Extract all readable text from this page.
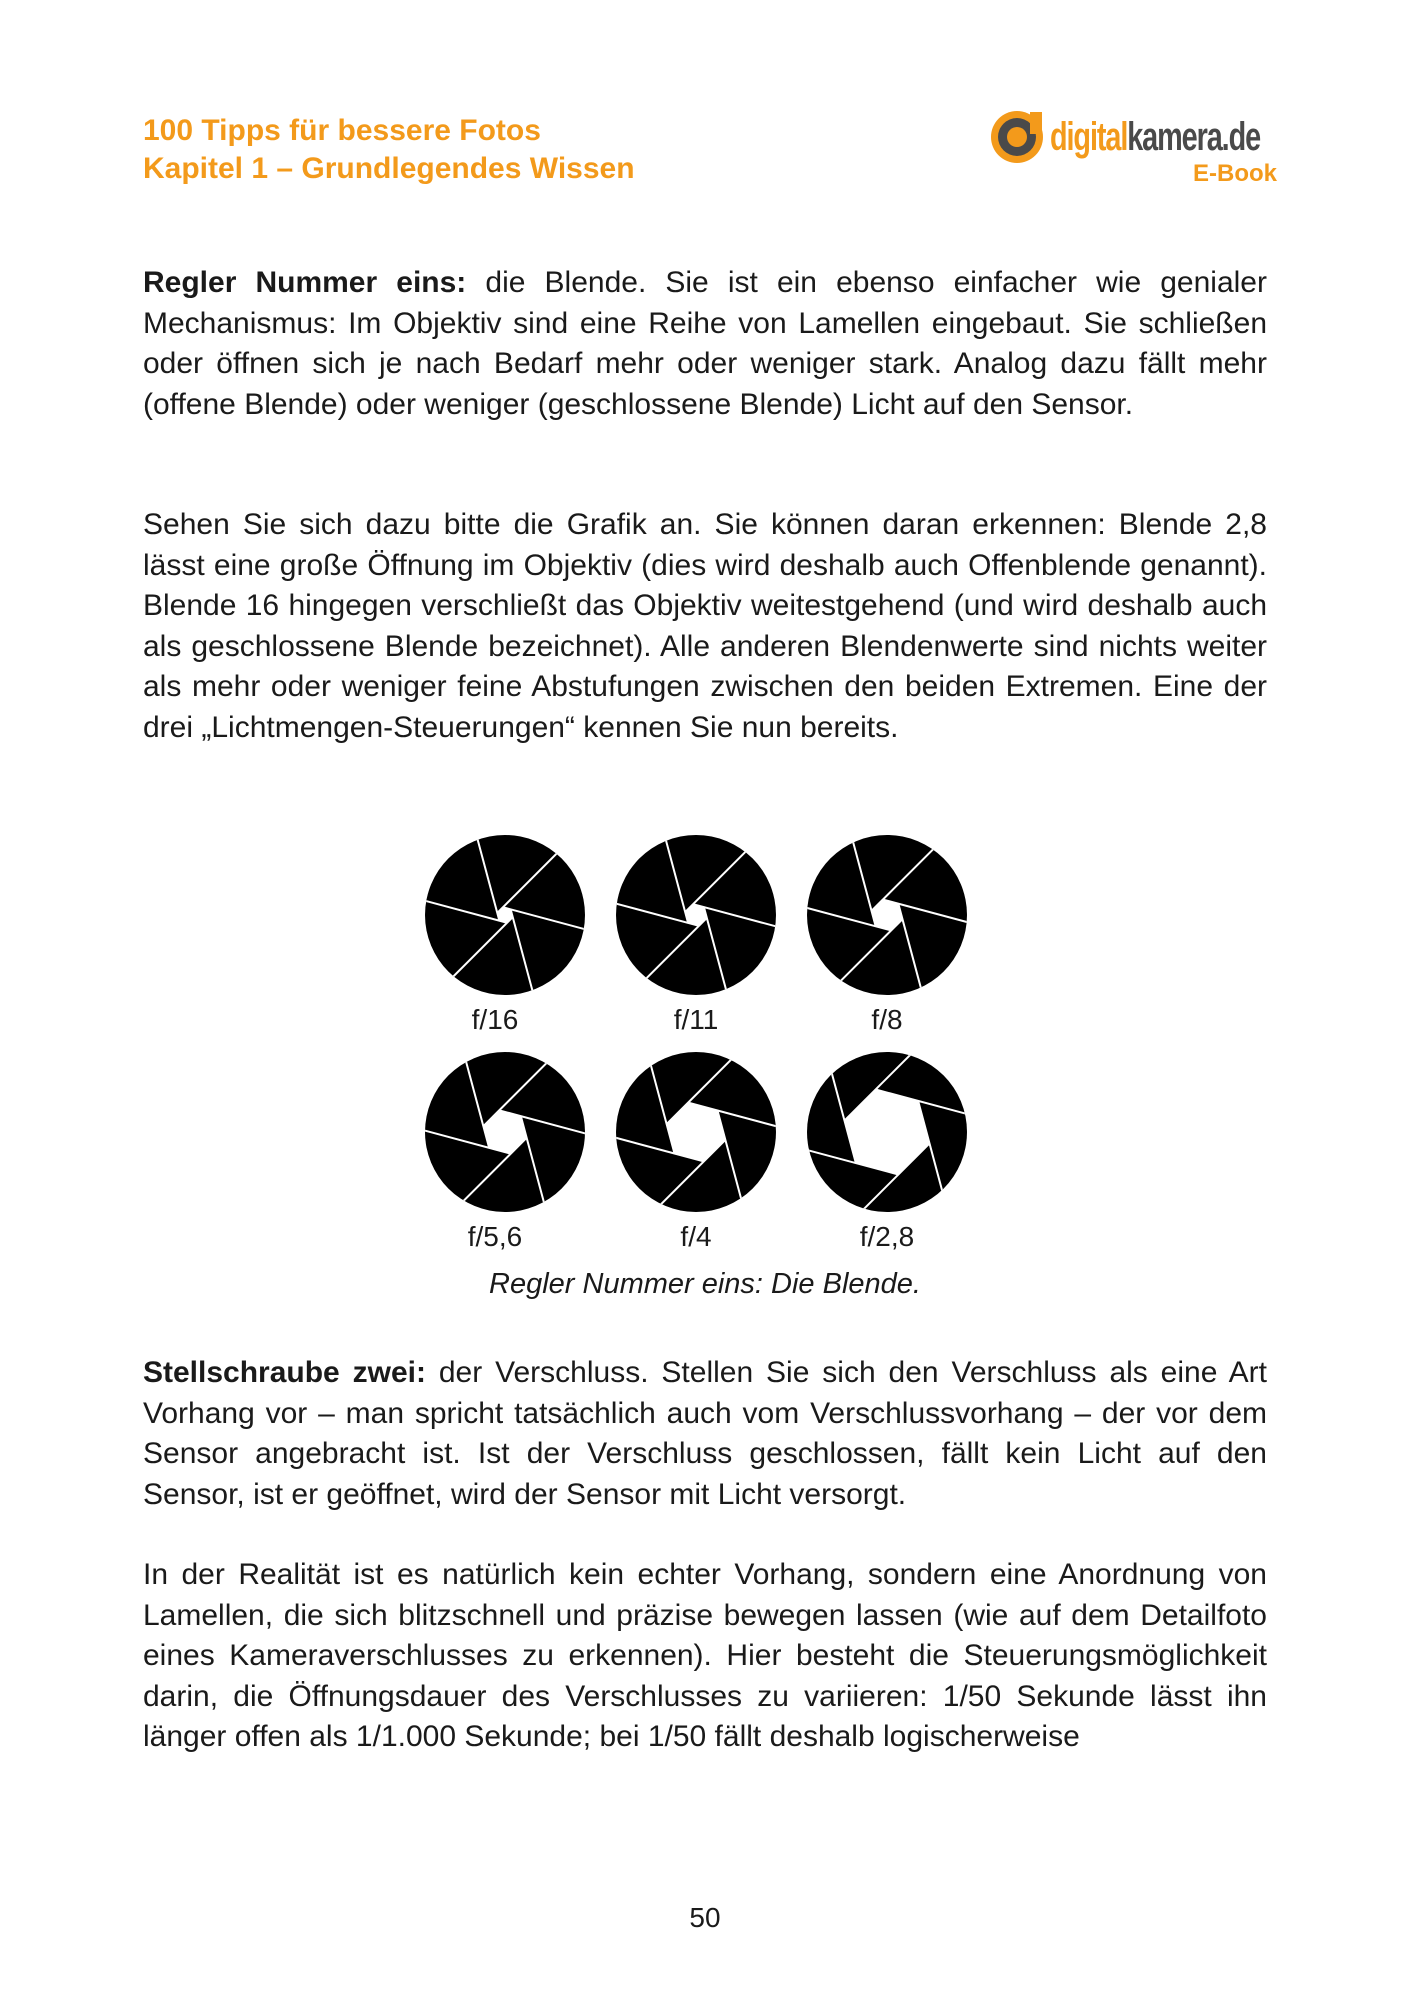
100 Tipps für bessere Fotos
Kapitel 1 – Grundlegendes Wissen
digitalkamera.de
E-Book

Regler Nummer eins: die Blende. Sie ist ein ebenso einfacher wie genialer Mechanismus: Im Objektiv sind eine Reihe von Lamellen eingebaut. Sie schließen oder öffnen sich je nach Bedarf mehr oder weniger stark. Analog dazu fällt mehr (offene Blende) oder weniger (geschlossene Blende) Licht auf den Sensor.

Sehen Sie sich dazu bitte die Grafik an. Sie können daran erkennen: Blende 2,8 lässt eine große Öffnung im Objektiv (dies wird deshalb auch Offenblende genannt). Blende 16 hingegen verschließt das Objektiv weitestgehend (und wird deshalb auch als geschlossene Blende bezeichnet). Alle anderen Blendenwerte sind nichts weiter als mehr oder weniger feine Abstufungen zwischen den beiden Extremen. Eine der drei „Lichtmengen-Steuerungen“ kennen Sie nun bereits.

f/16	f/11	f/8
f/5,6	f/4	f/2,8
Regler Nummer eins: Die Blende.

Stellschraube zwei: der Verschluss. Stellen Sie sich den Verschluss als eine Art Vorhang vor – man spricht tatsächlich auch vom Verschlussvorhang – der vor dem Sensor angebracht ist. Ist der Verschluss geschlossen, fällt kein Licht auf den Sensor, ist er geöffnet, wird der Sensor mit Licht versorgt.

In der Realität ist es natürlich kein echter Vorhang, sondern eine Anordnung von Lamellen, die sich blitzschnell und präzise bewegen lassen (wie auf dem Detailfoto eines Kameraverschlusses zu erkennen). Hier besteht die Steuerungsmöglichkeit darin, die Öffnungsdauer des Verschlusses zu variieren: 1/50 Sekunde lässt ihn länger offen als 1/1.000 Sekunde; bei 1/50 fällt deshalb logischerweise

50
